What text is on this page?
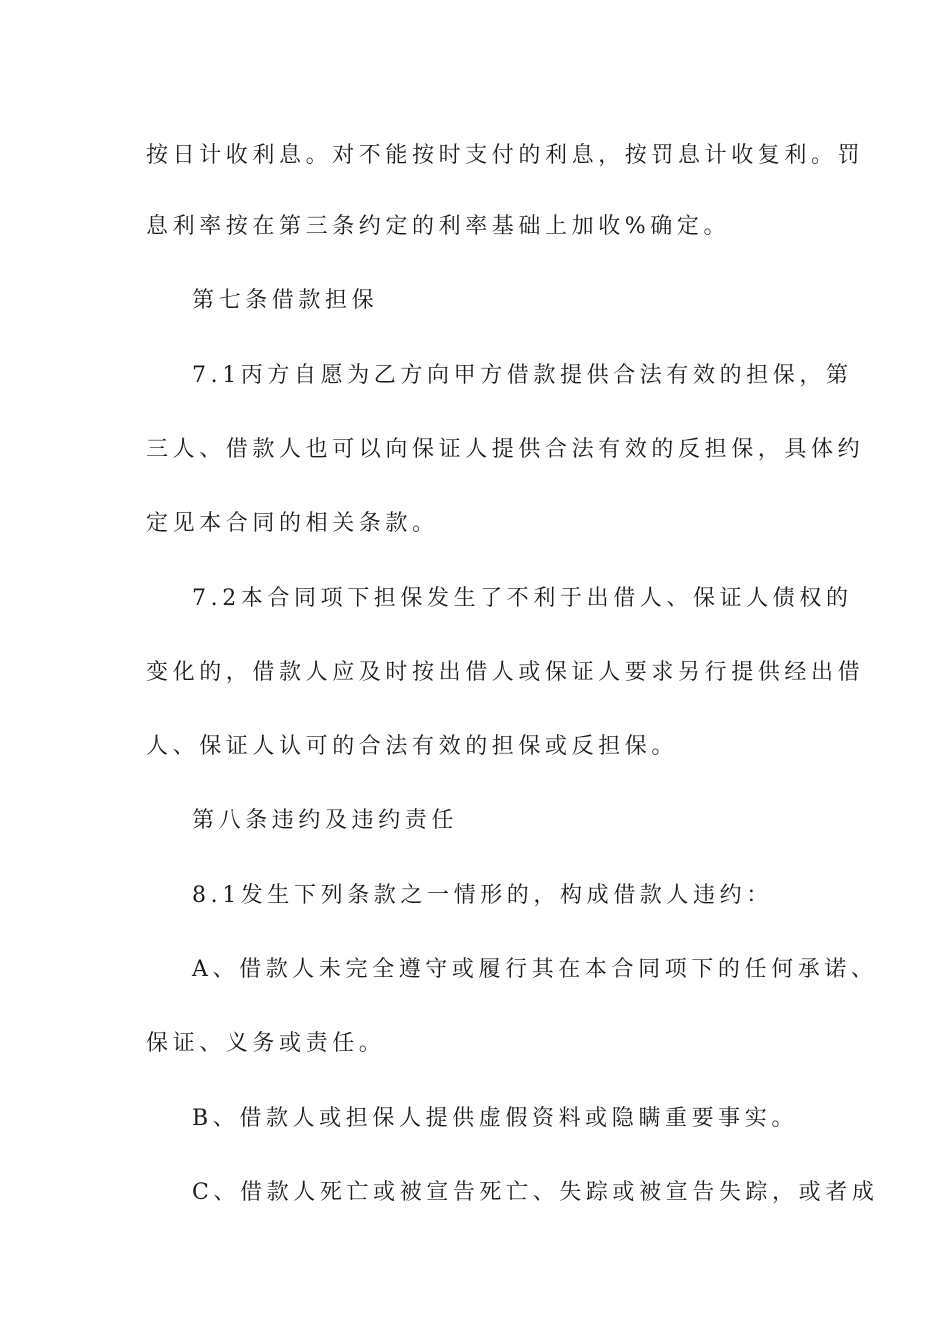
按日计收利息。对不能按时支付的利息，按罚息计收复利。罚
息利率按在第三条约定的利率基础上加收%确定。
第七条借款担保
7.1丙方自愿为乙方向甲方借款提供合法有效的担保，第
三人、借款人也可以向保证人提供合法有效的反担保，具体约
定见本合同的相关条款。
7.2本合同项下担保发生了不利于出借人、保证人债权的
变化的，借款人应及时按出借人或保证人要求另行提供经出借
人、保证人认可的合法有效的担保或反担保。
第八条违约及违约责任
8.1发生下列条款之一情形的，构成借款人违约：
A、借款人未完全遵守或履行其在本合同项下的任何承诺、
保证、义务或责任。
B、借款人或担保人提供虚假资料或隐瞒重要事实。
C、借款人死亡或被宣告死亡、失踪或被宣告失踪，或者成
